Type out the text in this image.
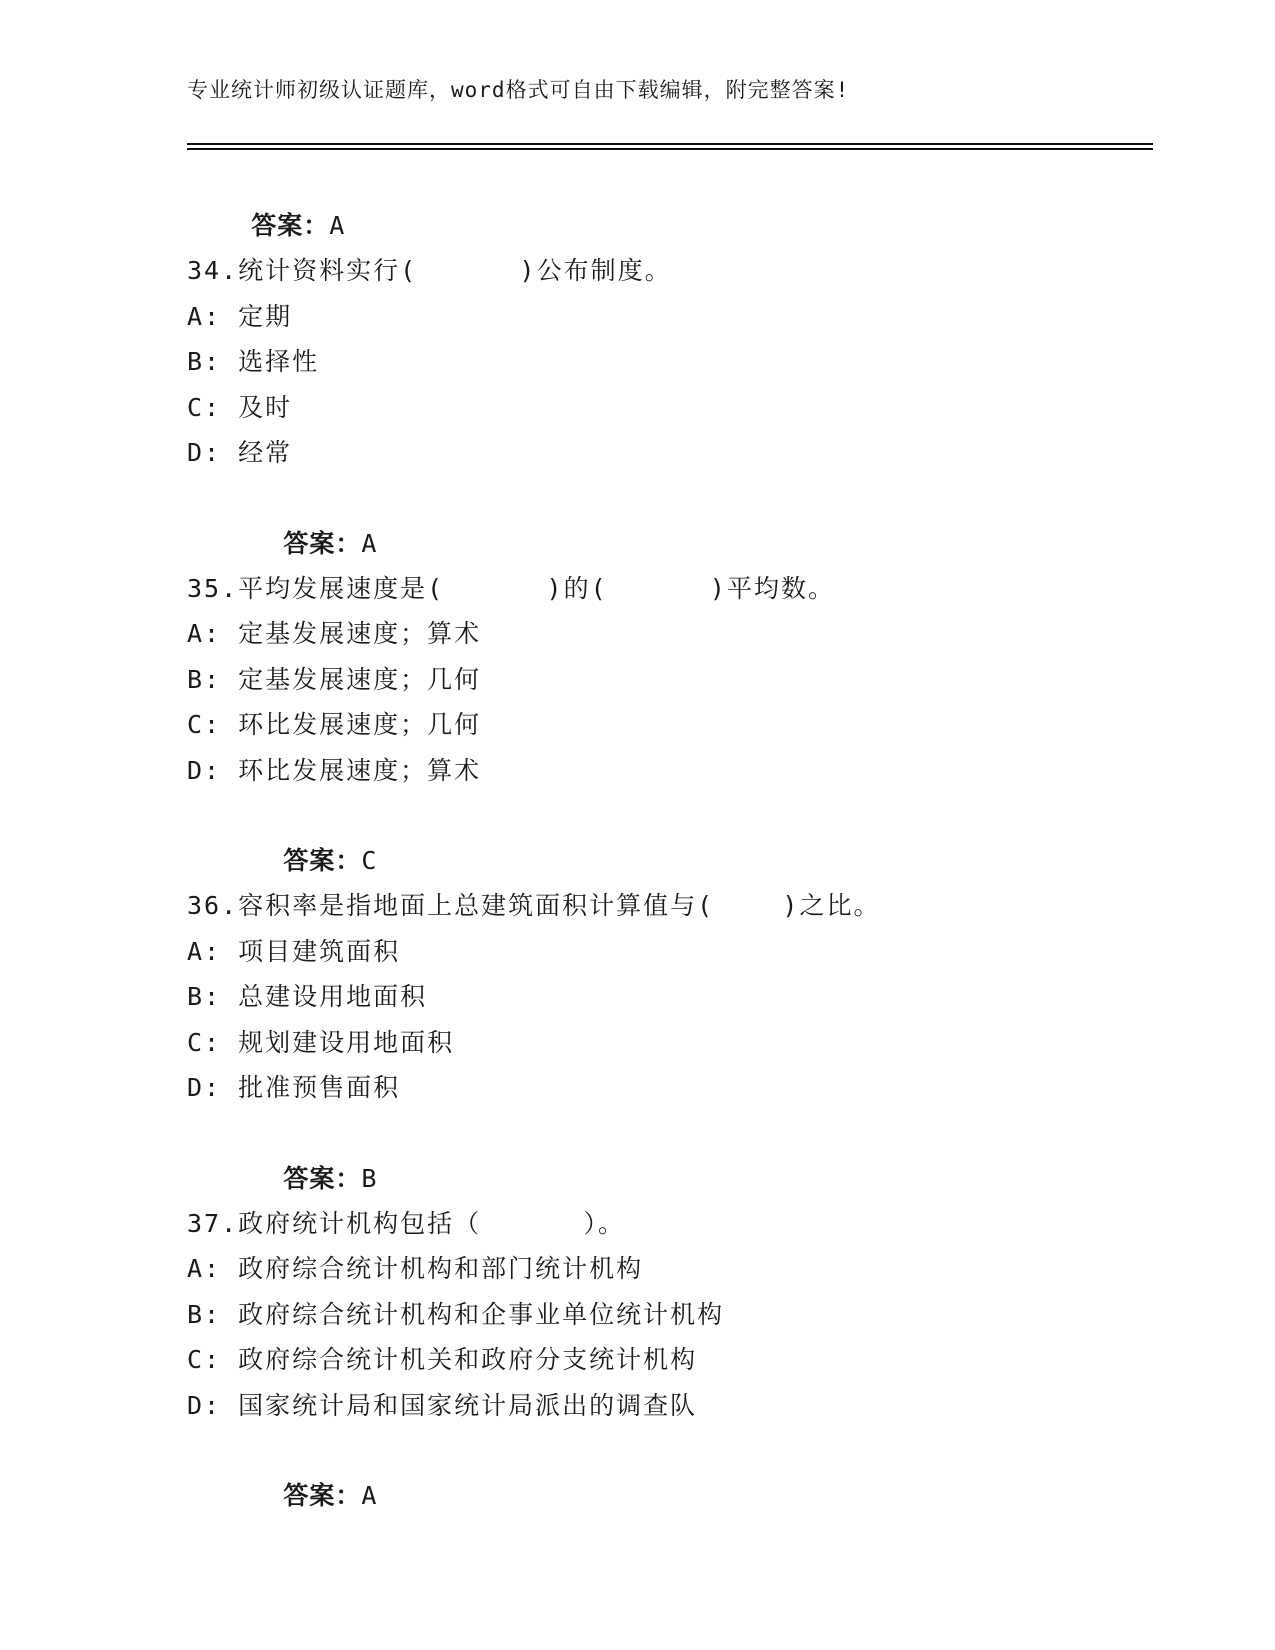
专业统计师初级认证题库，word格式可自由下载编辑，附完整答案!

答案：A

34.统计资料实行(      )公布制度。
A: 定期
B: 选择性
C: 及时
D: 经常

答案：A

35.平均发展速度是(      )的(      )平均数。
A: 定基发展速度；算术
B: 定基发展速度；几何
C: 环比发展速度；几何
D: 环比发展速度；算术

答案：C

36.容积率是指地面上总建筑面积计算值与(    )之比。
A: 项目建筑面积
B: 总建设用地面积
C: 规划建设用地面积
D: 批准预售面积

答案：B

37.政府统计机构包括（      ）。
A: 政府综合统计机构和部门统计机构
B: 政府综合统计机构和企事业单位统计机构
C: 政府综合统计机关和政府分支统计机构
D: 国家统计局和国家统计局派出的调查队

答案：A
